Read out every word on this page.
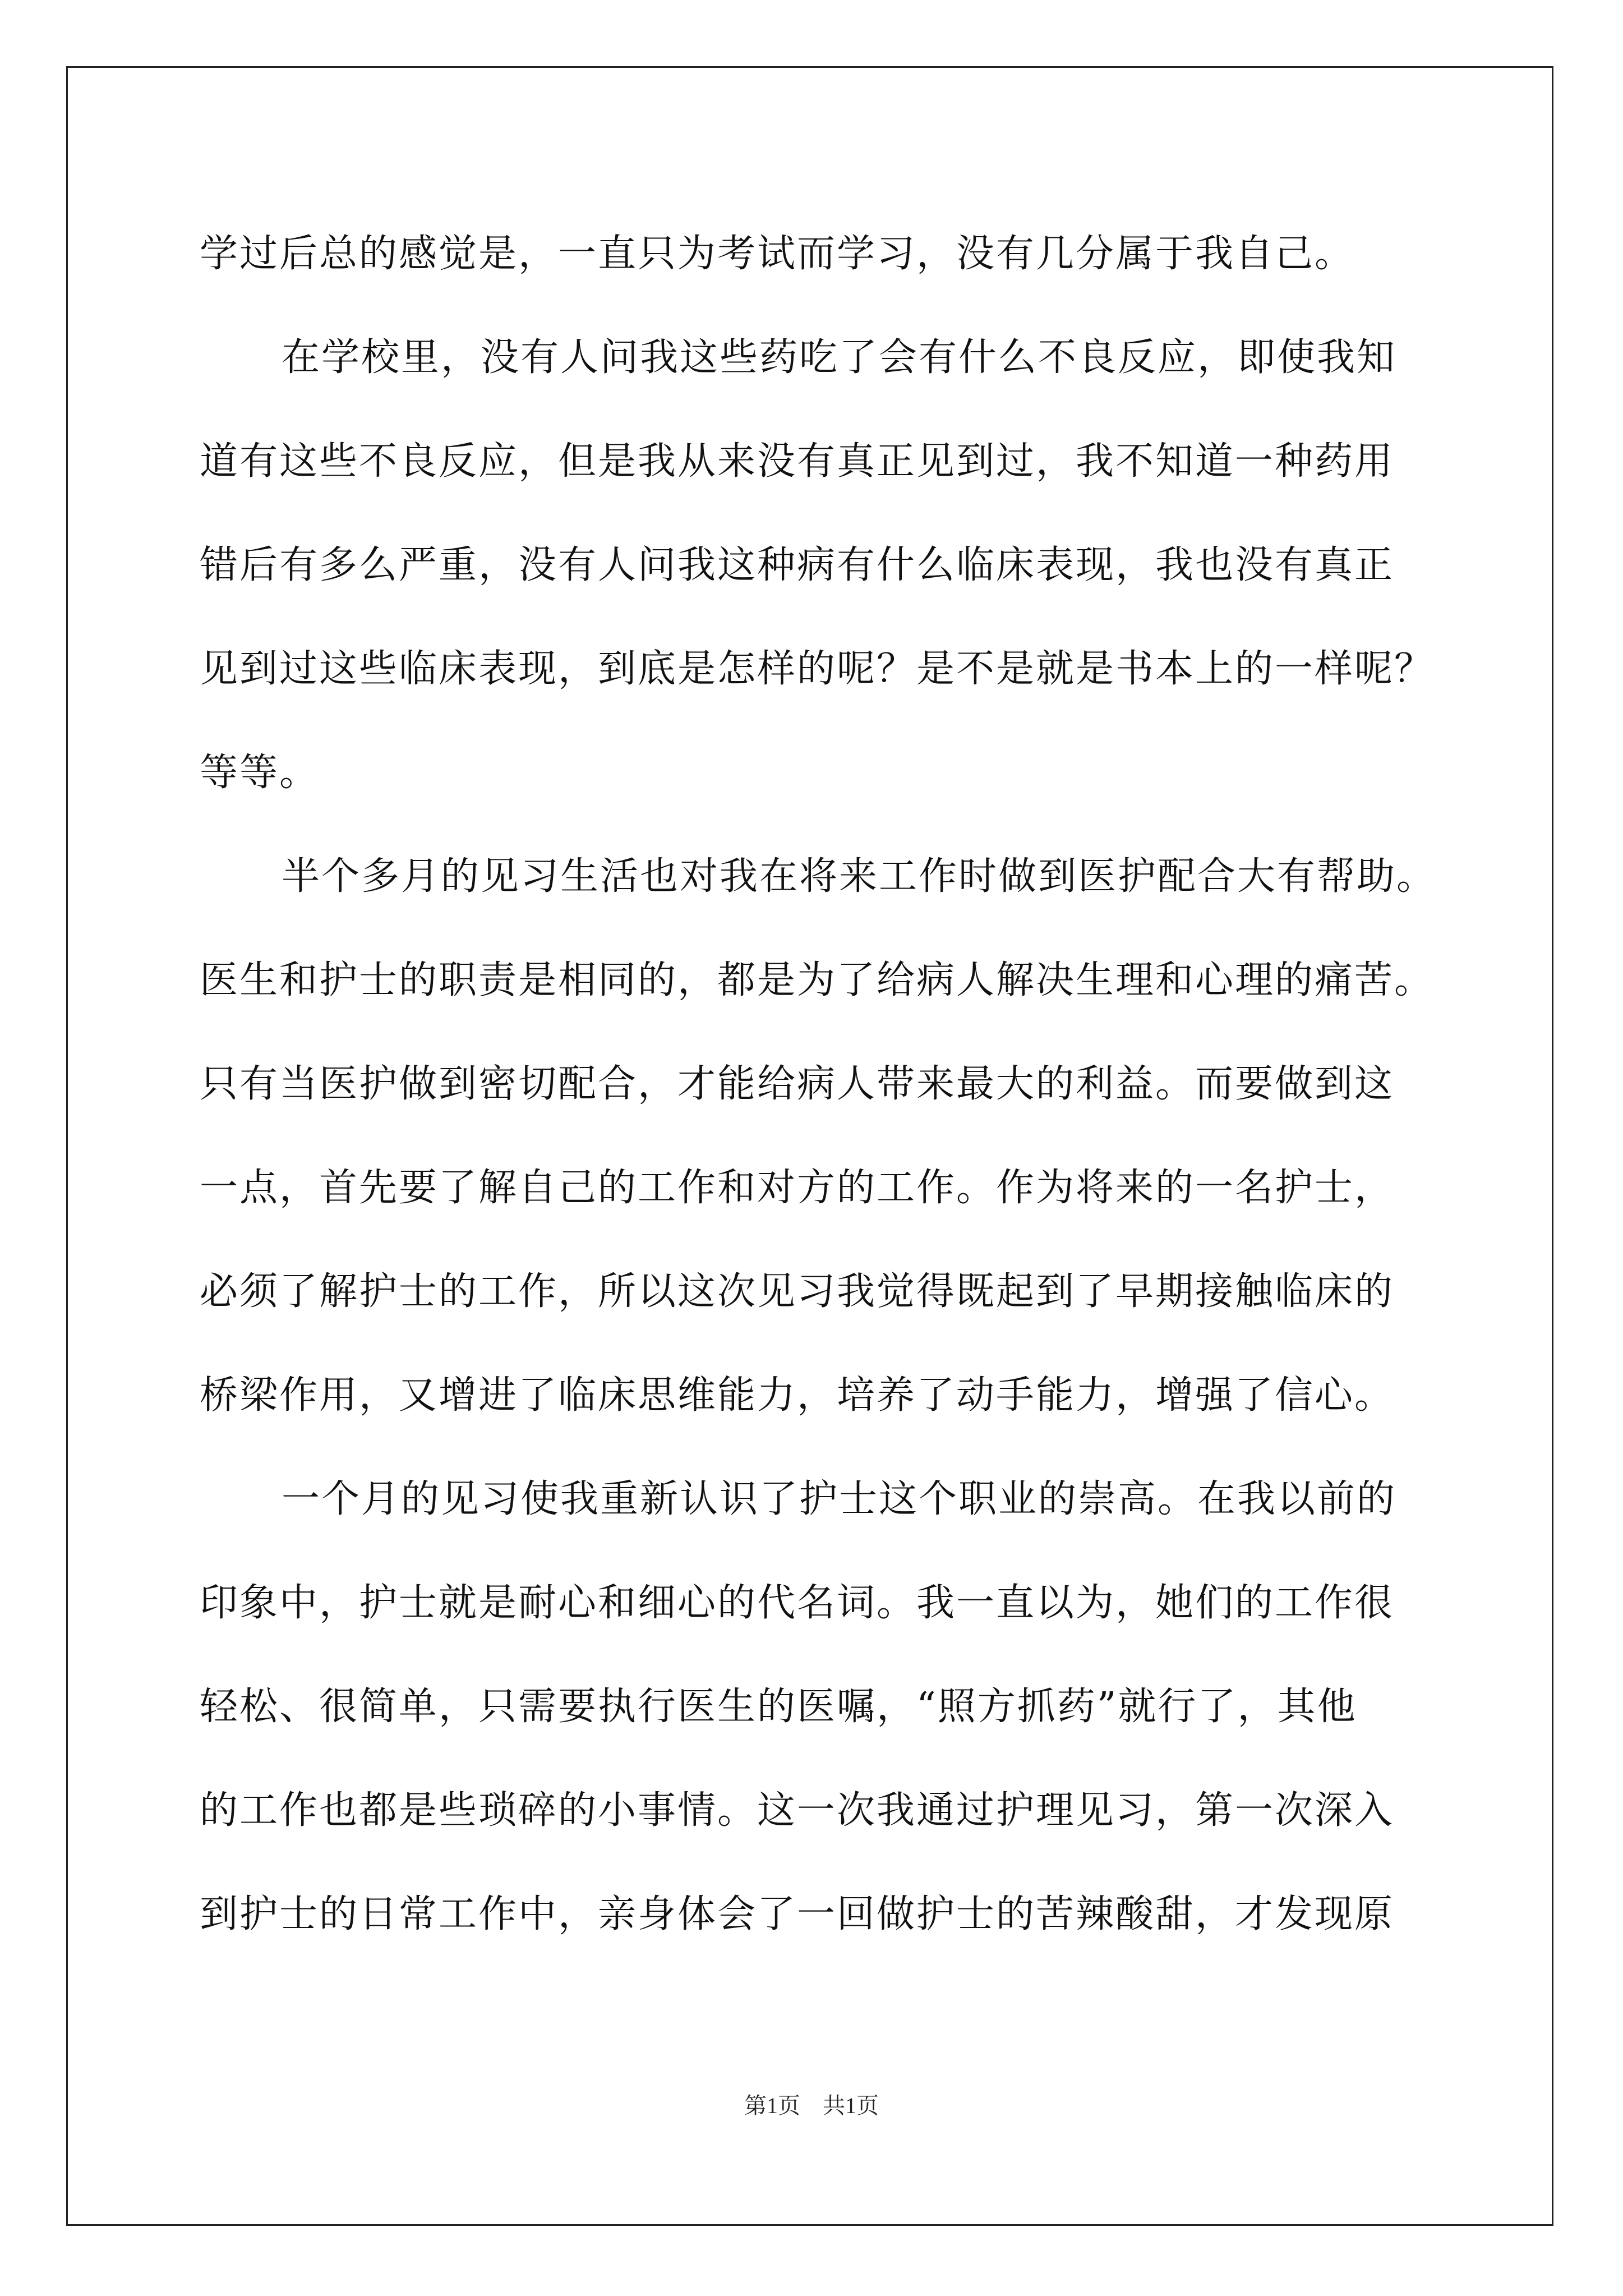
学过后总的感觉是，一直只为考试而学习，没有几分属于我自己。
在学校里，没有人问我这些药吃了会有什么不良反应，即使我知
道有这些不良反应，但是我从来没有真正见到过，我不知道一种药用
错后有多么严重，没有人问我这种病有什么临床表现，我也没有真正
见到过这些临床表现，到底是怎样的呢？是不是就是书本上的一样呢？
等等。
半个多月的见习生活也对我在将来工作时做到医护配合大有帮助。
医生和护士的职责是相同的，都是为了给病人解决生理和心理的痛苦。
只有当医护做到密切配合，才能给病人带来最大的利益。而要做到这
一点，首先要了解自己的工作和对方的工作。作为将来的一名护士，
必须了解护士的工作，所以这次见习我觉得既起到了早期接触临床的
桥梁作用，又增进了临床思维能力，培养了动手能力，增强了信心。
一个月的见习使我重新认识了护士这个职业的崇高。在我以前的
印象中，护士就是耐心和细心的代名词。我一直以为，她们的工作很
轻松、很简单，只需要执行医生的医嘱，“照方抓药”就行了，其他
的工作也都是些琐碎的小事情。这一次我通过护理见习，第一次深入
到护士的日常工作中，亲身体会了一回做护士的苦辣酸甜，才发现原
第1页　共1页
